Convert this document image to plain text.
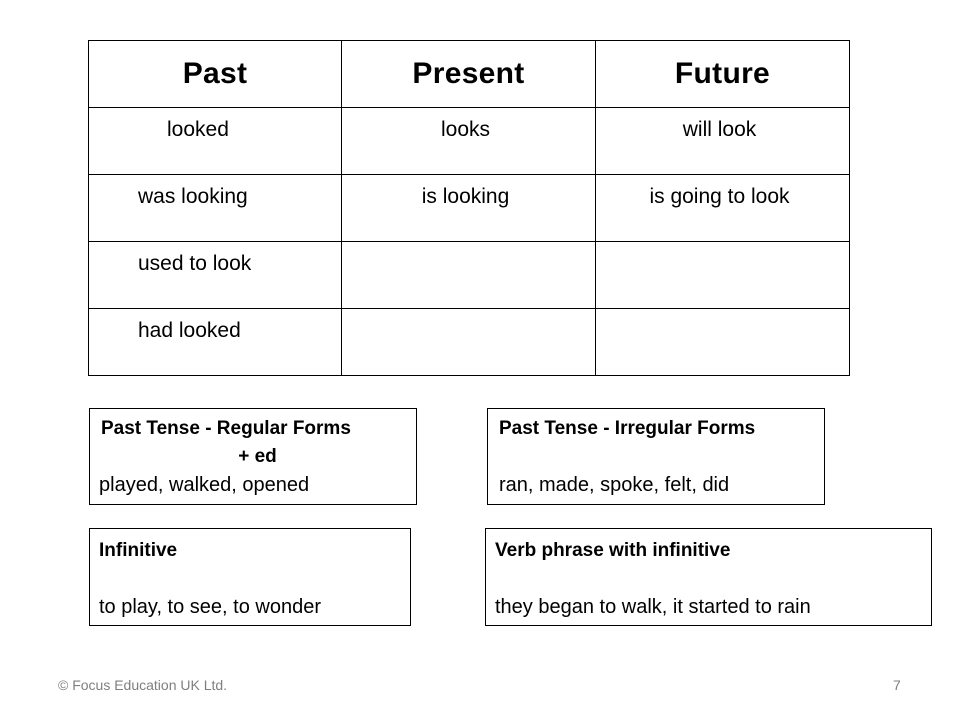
Past	Present	Future

looked	looks	will look

was looking	is looking	is going to look

used to look		

had looked		

Past Tense - Regular Forms
+ ed
played, walked, opened
Past Tense - Irregular Forms
ran, made, spoke, felt, did
Infinitive
to play, to see, to wonder
Verb phrase with infinitive
they began to walk, it started to rain
© Focus Education UK Ltd.	7
